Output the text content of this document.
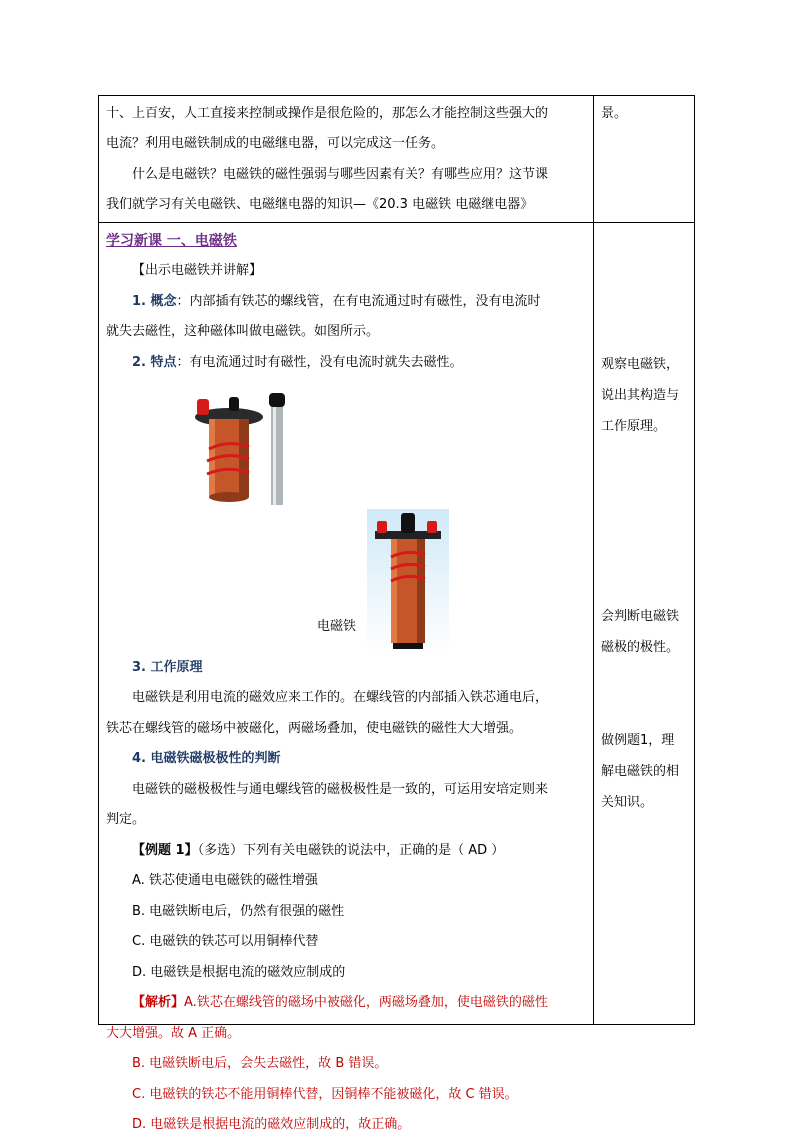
十、上百安，人工直接来控制或操作是很危险的，那怎么才能控制这些强大的
电流？利用电磁铁制成的电磁继电器，可以完成这一任务。
什么是电磁铁？电磁铁的磁性强弱与哪些因素有关？有哪些应用？这节课
我们就学习有关电磁铁、电磁继电器的知识—《20.3 电磁铁 电磁继电器》
景。
学习新课 一、电磁铁
【出示电磁铁并讲解】
1. 概念：内部插有铁芯的螺线管，在有电流通过时有磁性，没有电流时
就失去磁性，这种磁体叫做电磁铁。如图所示。
2. 特点：有电流通过时有磁性，没有电流时就失去磁性。
电磁铁
3. 工作原理
电磁铁是利用电流的磁效应来工作的。在螺线管的内部插入铁芯通电后，
铁芯在螺线管的磁场中被磁化，两磁场叠加，使电磁铁的磁性大大增强。
4. 电磁铁磁极极性的判断
电磁铁的磁极极性与通电螺线管的磁极极性是一致的，可运用安培定则来
判定。
【例题 1】（多选）下列有关电磁铁的说法中，正确的是（ AD ）
A. 铁芯使通电电磁铁的磁性增强
B. 电磁铁断电后，仍然有很强的磁性
C. 电磁铁的铁芯可以用铜棒代替
D. 电磁铁是根据电流的磁效应制成的
【解析】A.铁芯在螺线管的磁场中被磁化，两磁场叠加，使电磁铁的磁性
大大增强。故 A 正确。
B. 电磁铁断电后，会失去磁性，故 B 错误。
C. 电磁铁的铁芯不能用铜棒代替，因铜棒不能被磁化，故 C 错误。
D. 电磁铁是根据电流的磁效应制成的，故正确。
观察电磁铁，
说出其构造与
工作原理。
会判断电磁铁
磁极的极性。
做例题1，理
解电磁铁的相
关知识。
